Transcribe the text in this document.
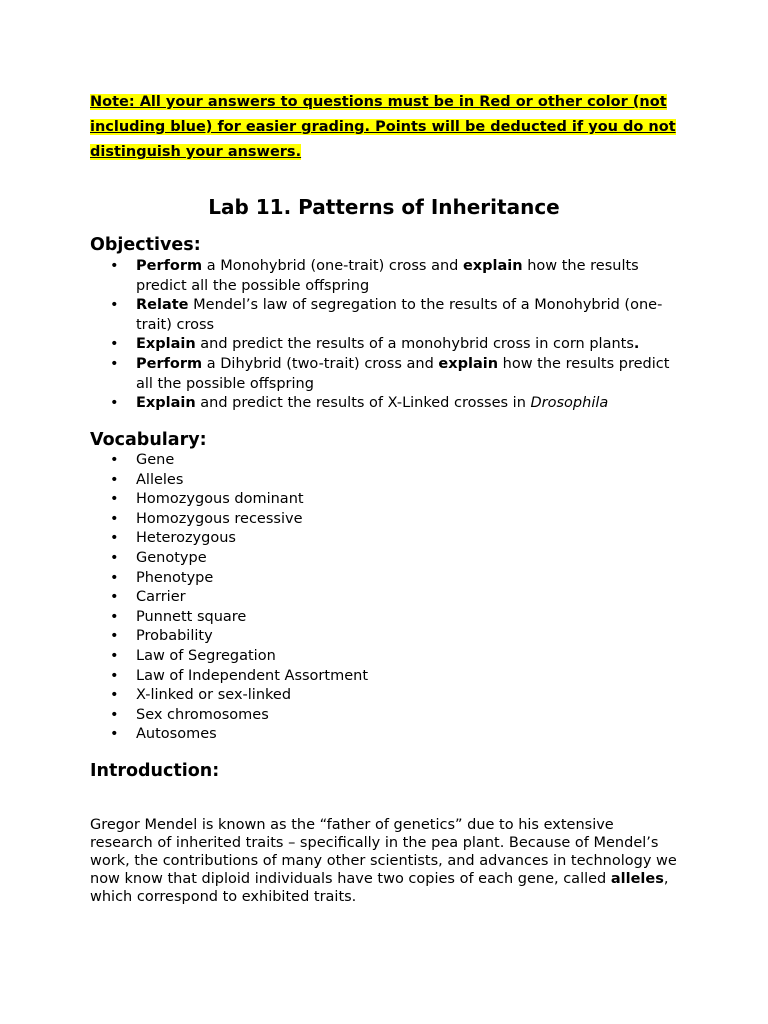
Note: All your answers to questions must be in Red or other color (not
including blue) for easier grading. Points will be deducted if you do not
distinguish your answers.
Lab 11. Patterns of Inheritance
Objectives:
• Perform a Monohybrid (one-trait) cross and explain how the results predict all the possible offspring
• Relate Mendel’s law of segregation to the results of a Monohybrid (one-trait) cross
• Explain and predict the results of a monohybrid cross in corn plants.
• Perform a Dihybrid (two-trait) cross and explain how the results predict all the possible offspring
• Explain and predict the results of X-Linked crosses in Drosophila
Vocabulary:
• Gene
• Alleles
• Homozygous dominant
• Homozygous recessive
• Heterozygous
• Genotype
• Phenotype
• Carrier
• Punnett square
• Probability
• Law of Segregation
• Law of Independent Assortment
• X-linked or sex-linked
• Sex chromosomes
• Autosomes
Introduction:

Gregor Mendel is known as the “father of genetics” due to his extensive research of inherited traits – specifically in the pea plant. Because of Mendel’s work, the contributions of many other scientists, and advances in technology we now know that diploid individuals have two copies of each gene, called alleles, which correspond to exhibited traits.
